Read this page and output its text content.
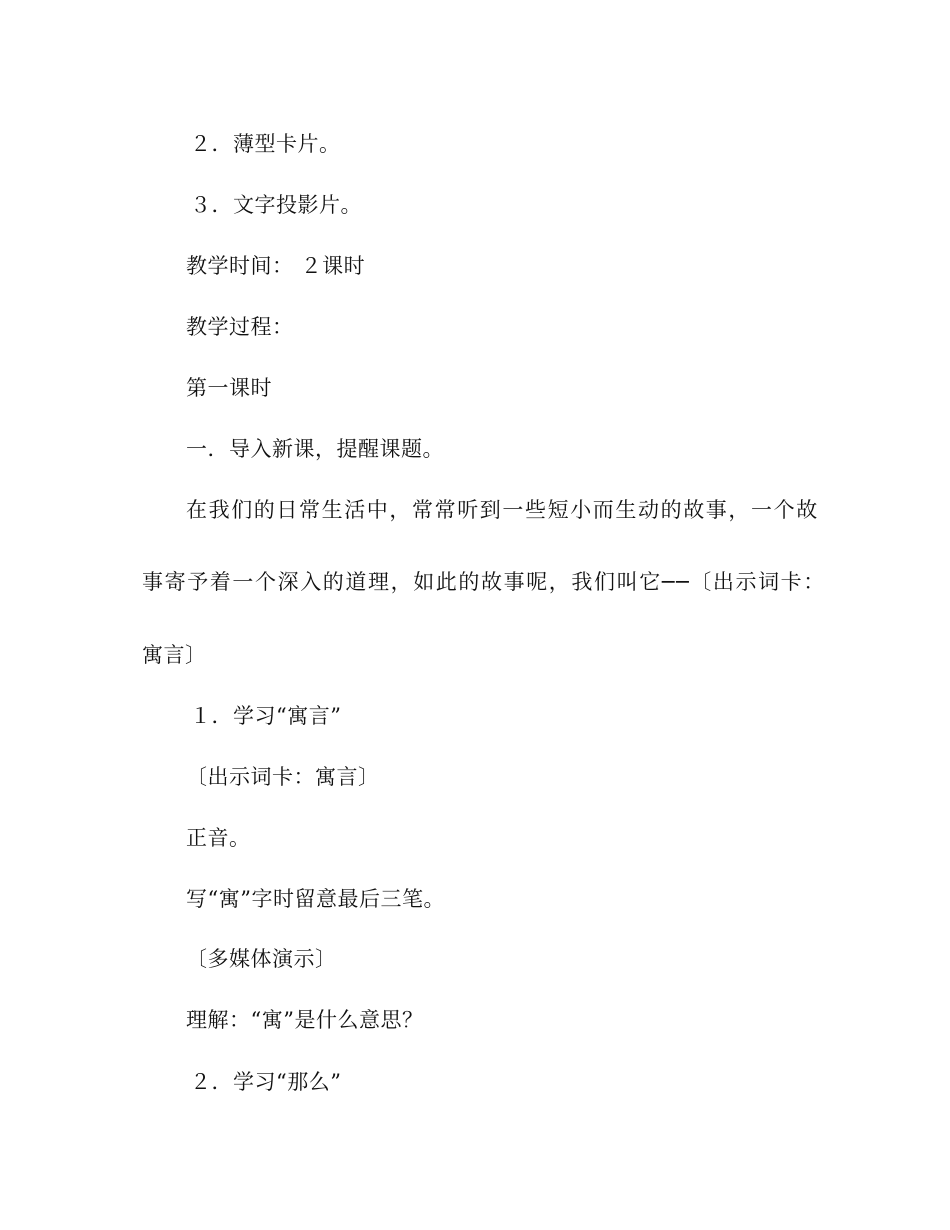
２．薄型卡片。
３．文字投影片。
教学时间： ２课时
教学过程：
第一课时
一．导入新课，提醒课题。
在我们的日常生活中，常常听到一些短小而生动的故事，一个故
事寄予着一个深入的道理，如此的故事呢，我们叫它──〔出示词卡：
寓言〕
１．学习“寓言”
〔出示词卡：寓言〕
正音。
写“寓”字时留意最后三笔。
〔多媒体演示〕
理解：“寓”是什么意思？
２．学习“那么”
